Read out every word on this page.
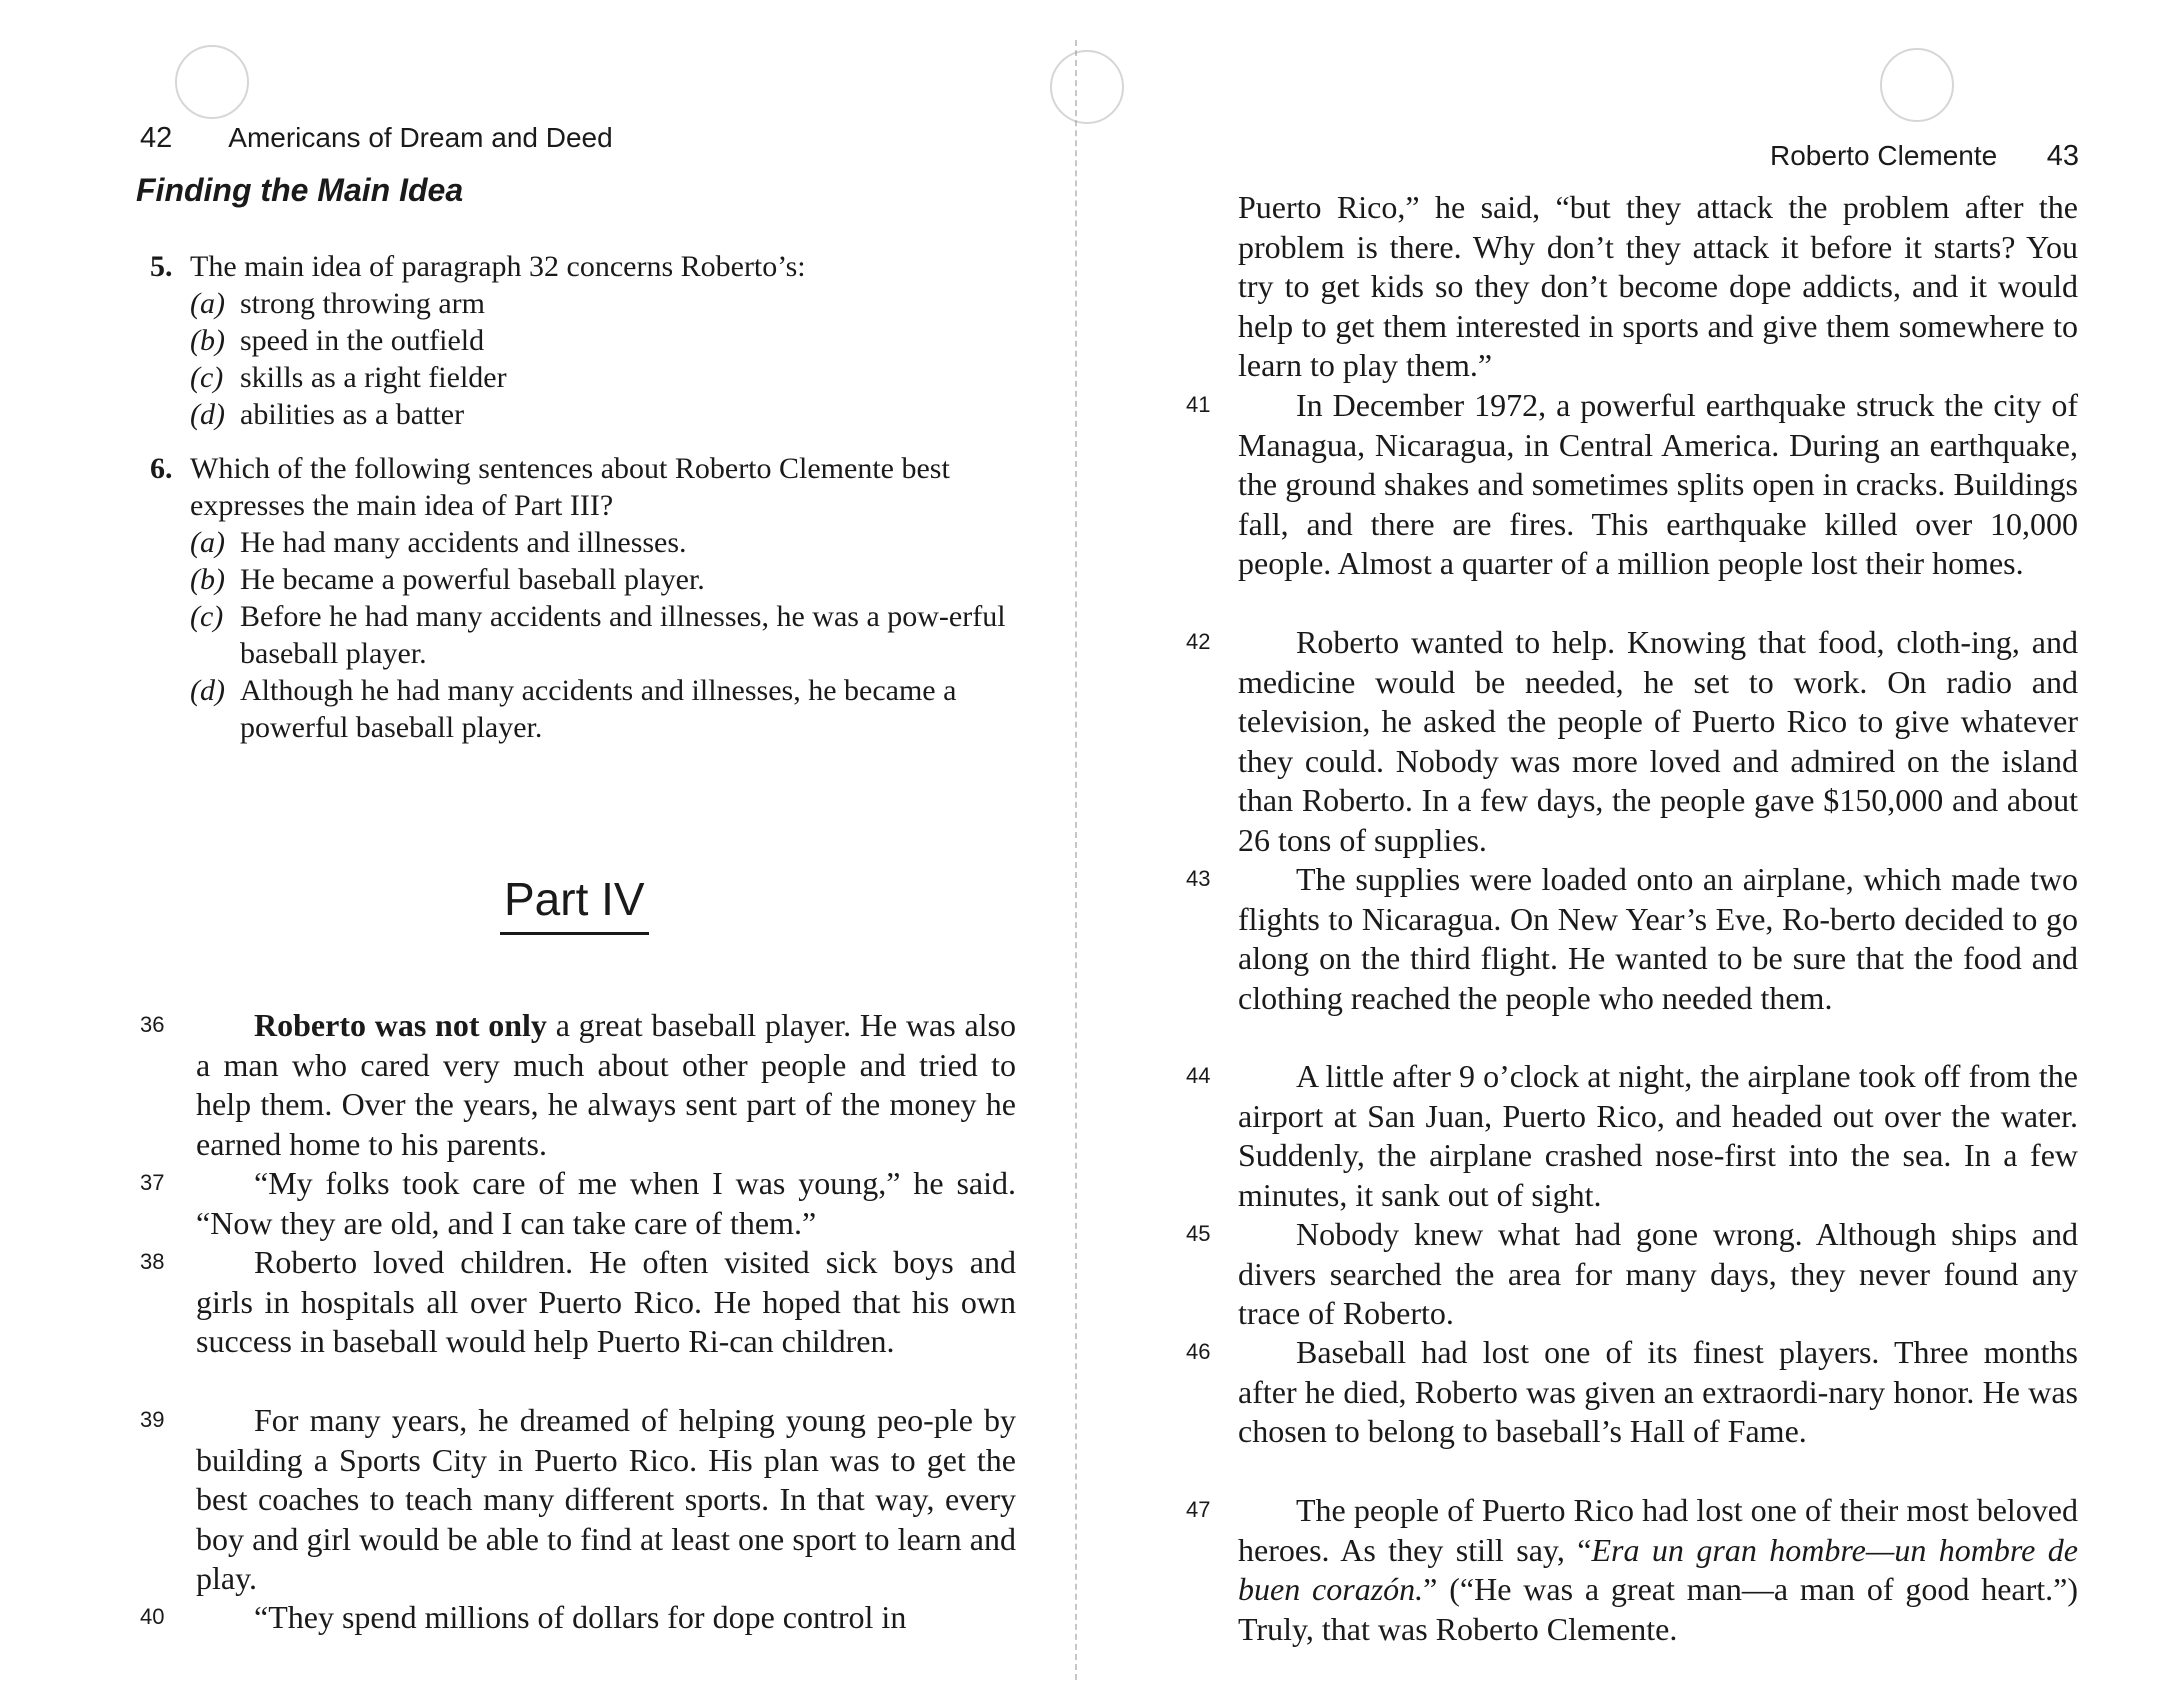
42 Americans of Dream and Deed
Finding the Main Idea
5. The main idea of paragraph 32 concerns Roberto’s:
(a) strong throwing arm
(b) speed in the outfield
(c) skills as a right fielder
(d) abilities as a batter
6. Which of the following sentences about Roberto Clemente best expresses the main idea of Part III?
(a) He had many accidents and illnesses.
(b) He became a powerful baseball player.
(c) Before he had many accidents and illnesses, he was a pow-erful baseball player.
(d) Although he had many accidents and illnesses, he became a powerful baseball player.
Part IV
36	Roberto was not only a great baseball player. He was also a man who cared very much about other people and tried to help them. Over the years, he always sent part of the money he earned home to his parents.
37	“My folks took care of me when I was young,” he said. “Now they are old, and I can take care of them.”
38	Roberto loved children. He often visited sick boys and girls in hospitals all over Puerto Rico. He hoped that his own success in baseball would help Puerto Ri-can children.
39	For many years, he dreamed of helping young peo-ple by building a Sports City in Puerto Rico. His plan was to get the best coaches to teach many different sports. In that way, every boy and girl would be able to find at least one sport to learn and play.
40	“They spend millions of dollars for dope control in
Roberto Clemente 43
Puerto Rico,” he said, “but they attack the problem after the problem is there. Why don’t they attack it before it starts? You try to get kids so they don’t become dope addicts, and it would help to get them interested in sports and give them somewhere to learn to play them.”
41	In December 1972, a powerful earthquake struck the city of Managua, Nicaragua, in Central America. During an earthquake, the ground shakes and sometimes splits open in cracks. Buildings fall, and there are fires. This earthquake killed over 10,000 people. Almost a quarter of a million people lost their homes.
42	Roberto wanted to help. Knowing that food, cloth-ing, and medicine would be needed, he set to work. On radio and television, he asked the people of Puerto Rico to give whatever they could. Nobody was more loved and admired on the island than Roberto. In a few days, the people gave $150,000 and about 26 tons of supplies.
43	The supplies were loaded onto an airplane, which made two flights to Nicaragua. On New Year’s Eve, Ro-berto decided to go along on the third flight. He wanted to be sure that the food and clothing reached the people who needed them.
44	A little after 9 o’clock at night, the airplane took off from the airport at San Juan, Puerto Rico, and headed out over the water. Suddenly, the airplane crashed nose-first into the sea. In a few minutes, it sank out of sight.
45	Nobody knew what had gone wrong. Although ships and divers searched the area for many days, they never found any trace of Roberto.
46	Baseball had lost one of its finest players. Three months after he died, Roberto was given an extraordi-nary honor. He was chosen to belong to baseball’s Hall of Fame.
47	The people of Puerto Rico had lost one of their most beloved heroes. As they still say, “Era un gran hombre—un hombre de buen corazón.” (“He was a great man—a man of good heart.”) Truly, that was Roberto Clemente.
